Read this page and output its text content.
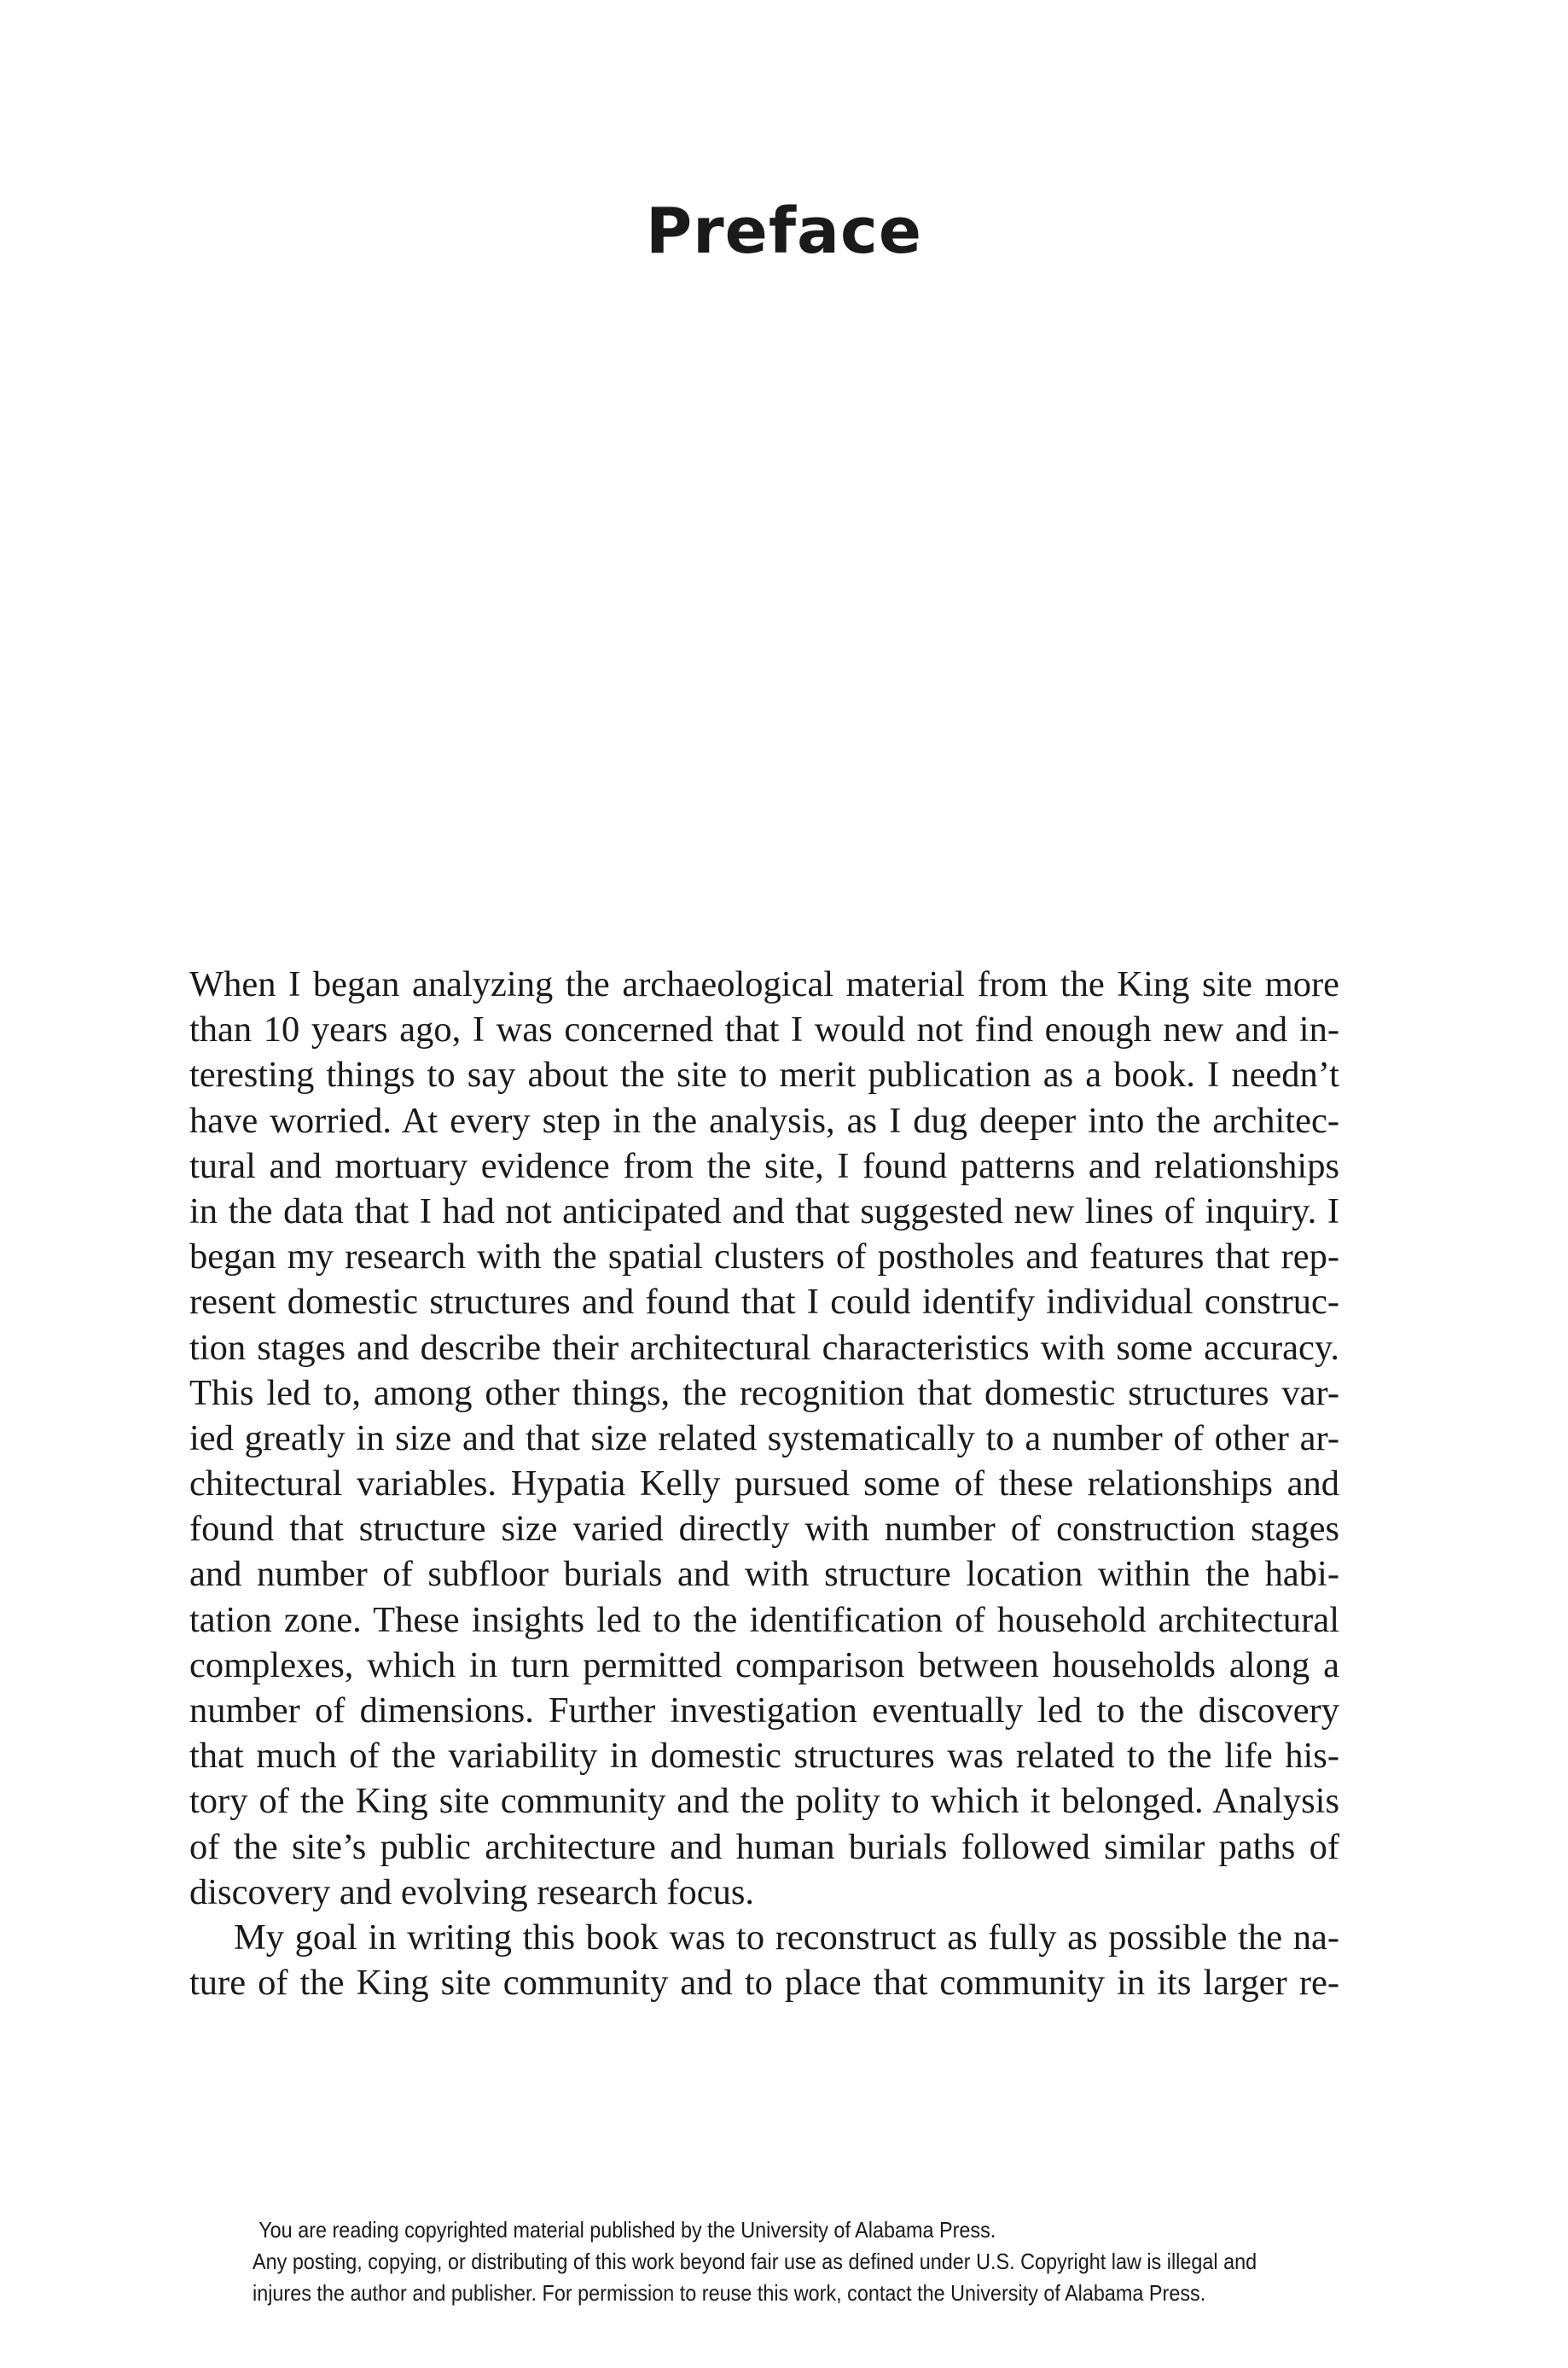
Preface
When I began analyzing the archaeological material from the King site more
than 10 years ago, I was concerned that I would not find enough new and in-
teresting things to say about the site to merit publication as a book. I needn’t
have worried. At every step in the analysis, as I dug deeper into the architec-
tural and mortuary evidence from the site, I found patterns and relationships
in the data that I had not anticipated and that suggested new lines of inquiry. I
began my research with the spatial clusters of postholes and features that rep-
resent domestic structures and found that I could identify individual construc-
tion stages and describe their architectural characteristics with some accuracy.
This led to, among other things, the recognition that domestic structures var-
ied greatly in size and that size related systematically to a number of other ar-
chitectural variables. Hypatia Kelly pursued some of these relationships and
found that structure size varied directly with number of construction stages
and number of subfloor burials and with structure location within the habi-
tation zone. These insights led to the identification of household architectural
complexes, which in turn permitted comparison between households along a
number of dimensions. Further investigation eventually led to the discovery
that much of the variability in domestic structures was related to the life his-
tory of the King site community and the polity to which it belonged. Analysis
of the site’s public architecture and human burials followed similar paths of
discovery and evolving research focus.
My goal in writing this book was to reconstruct as fully as possible the na-
ture of the King site community and to place that community in its larger re-
You are reading copyrighted material published by the University of Alabama Press.
Any posting, copying, or distributing of this work beyond fair use as defined under U.S. Copyright law is illegal and
injures the author and publisher. For permission to reuse this work, contact the University of Alabama Press.
